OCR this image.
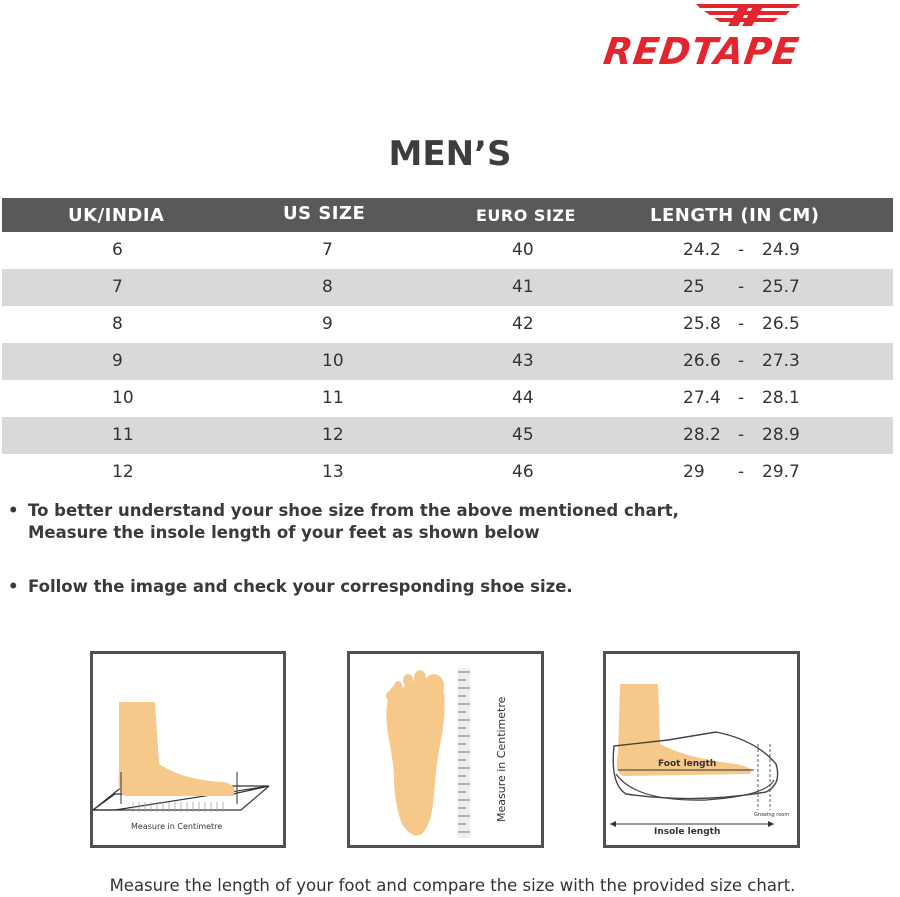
REDTAPE
MEN’S
UK/INDIA	US SIZE	EURO SIZE	LENGTH (IN CM)
6	7	40	24.2 - 24.9
7	8	41	25 - 25.7
8	9	42	25.8 - 26.5
9	10	43	26.6 - 27.3
10	11	44	27.4 - 28.1
11	12	45	28.2 - 28.9
12	13	46	29 - 29.7
• To better understand your shoe size from the above mentioned chart,
Measure the insole length of your feet as shown below
• Follow the image and check your corresponding shoe size.
Measure in Centimetre
Measure in Centimetre	Foot length
Growing room
Insole length
Measure the length of your foot and compare the size with the provided size chart.
